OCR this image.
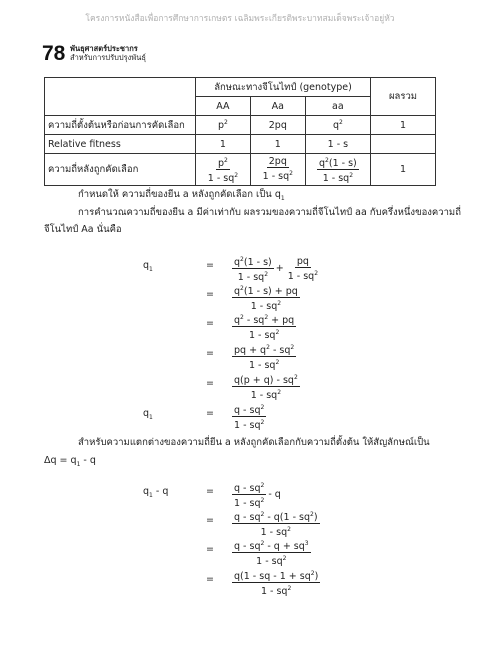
โครงการหนังสือเพื่อการศึกษาการเกษตร เฉลิมพระเกียรติพระบาทสมเด็จพระเจ้าอยู่หัว
78 พันธุศาสตร์ประชากร
สำหรับการปรับปรุงพันธุ์
	ลักษณะทางจีโนไทป์ (genotype)			ผลรวม
	AA	Aa	aa	
ความถี่ตั้งต้นหรือก่อนการคัดเลือก	$p^2$	2pq	$q^2$	1
Relative fitness	1	1	1 - s	
ความถี่หลังถูกคัดเลือก	$\frac{p^2}{1 - sq^2}$	$\frac{2pq}{1 - sq^2}$	$\frac{q^2(1 - s)}{1 - sq^2}$	1
กำหนดให้ ความถี่ของยีน a หลังถูกคัดเลือก เป็น $q_1$
การคำนวณความถี่ของยีน a มีค่าเท่ากับ ผลรวมของความถี่จีโนไทป์ aa กับครึ่งหนึ่งของความถี่
จีโนไทป์ Aa นั่นคือ
$q_1$	= $\frac{q^2(1 - s)}{1 - sq^2} + \frac{pq}{1 - sq^2}$
= $\frac{q^2(1 - s) + pq}{1 - sq^2}$
= $\frac{q^2 - sq^2 + pq}{1 - sq^2}$
= $\frac{pq + q^2 - sq^2}{1 - sq^2}$
= $\frac{q(p + q) - sq^2}{1 - sq^2}$
$q_1$	= $\frac{q - sq^2}{1 - sq^2}$
สำหรับความแตกต่างของความถี่ยีน a หลังถูกคัดเลือกกับความถี่ตั้งต้น ให้สัญลักษณ์เป็น
$\Delta q = q_1 - q$
$q_1$ - q	= $\frac{q - sq^2}{1 - sq^2}$ - q
= $\frac{q - sq^2 - q(1 - sq^2)}{1 - sq^2}$
= $\frac{q - sq^2 - q + sq^3}{1 - sq^2}$
= $\frac{q(1 - sq - 1 + sq^2)}{1 - sq^2}$
